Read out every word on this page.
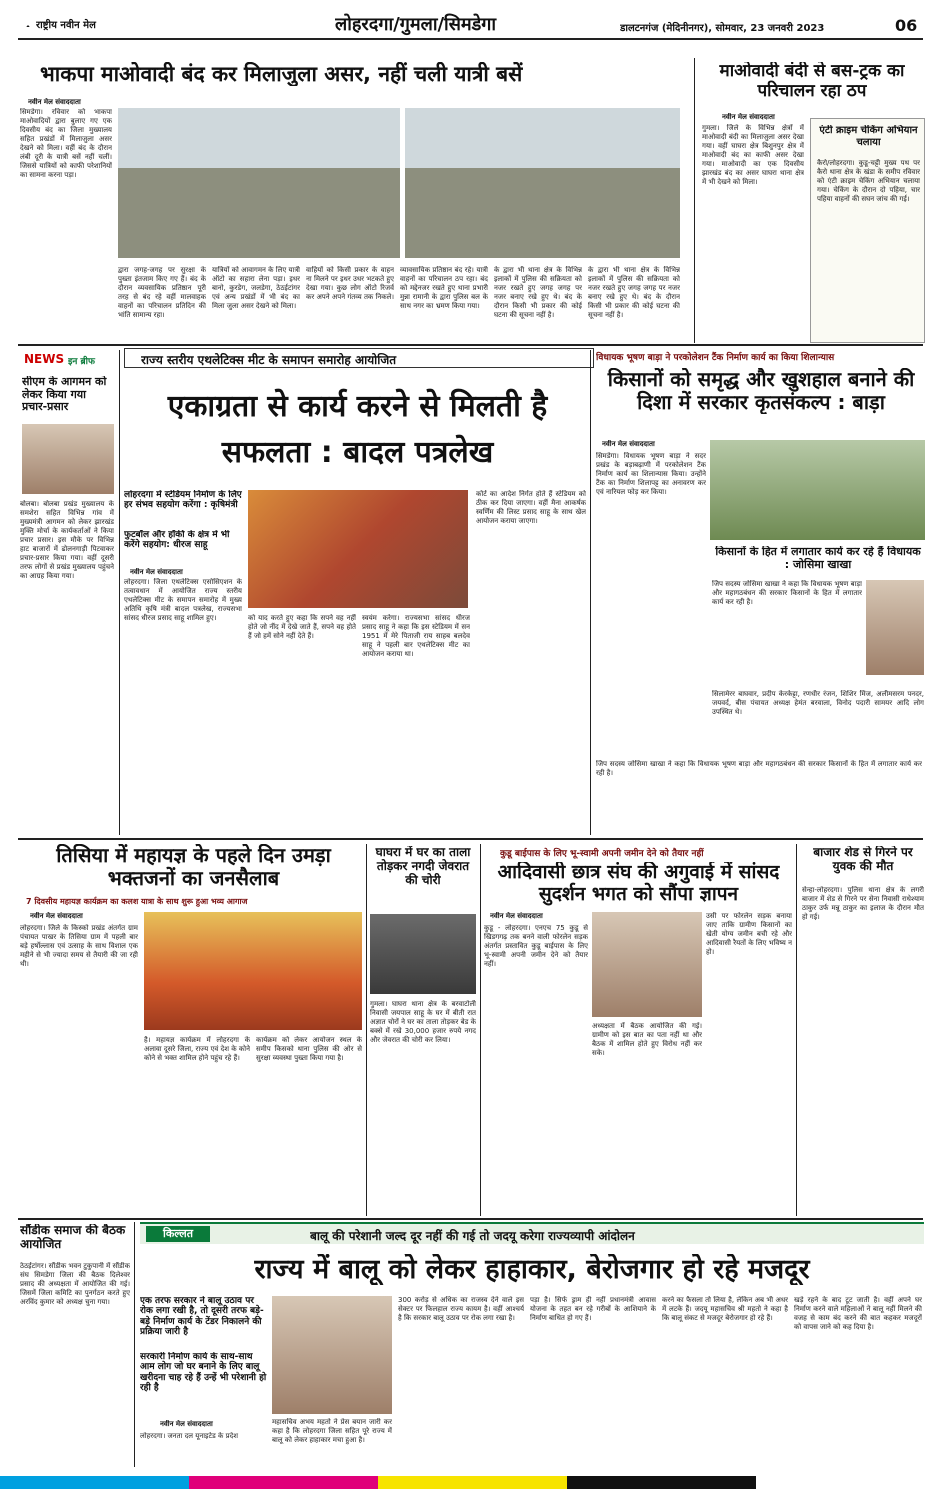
राष्ट्रीय नवीन मेल	लोहरदगा/गुमला/सिमडेगा	डालटनगंज (मेदिनीनगर), सोमवार, 23 जनवरी 2023	06
भाकपा माओवादी बंद कर मिलाजुला असर, नहीं चली यात्री बसें
नवीन मेल संवाददाता
सिमडेगा। रविवार को भाकपा माओवादियों द्वारा बुलाए गए एक दिवसीय बंद का जिला मुख्यालय सहित प्रखंडों में मिलाजुला असर देखने को मिला। वहीं बंद के दौरान लंबी दूरी के यात्री बसें नहीं चलीं। जिससे यात्रियों को काफी परेशानियों का सामना करना पड़ा।
द्वारा जगह-जगह पर सुरक्षा के पुख्ता इंतजाम किए गए हैं। बंद के दौरान व्यवसायिक प्रतिष्ठान पूरी तरह से बंद रहे वहीं मालवाहक वाहनों का परिचालन प्रतिदिन की भांति सामान्य रहा।
यात्रियों को आवागमन के लिए यात्री ऑटो का सहारा लेना पड़ा। इधर बानो, कुरडेग, जलडेगा, ठेठईटांगर एवं अन्य प्रखंडों में भी बंद का मिला जुला असर देखने को मिला।
वाहियों को किसी प्रकार के वाहन ना मिलने पर इधर उधर भटकते हुए देखा गया। कुछ लोग ऑटो रिजर्व कर अपने अपने गंतव्य तक निकले।
व्यावसायिक प्रतिष्ठान बंद रहे। यात्री वाहनों का परिचालन ठप रहा। बंद को मद्देनजर रखते हुए थाना प्रभारी मुन्ना रामानी के द्वारा पुलिस बल के साथ नगर का भ्रमण किया गया।
के द्वारा भी थाना क्षेत्र के विभिन्न इलाकों में पुलिस की सक्रियता को नजर रखते हुए जगह जगह पर नजर बनाए रखे हुए थे। बंद के दौरान किसी भी प्रकार की कोई घटना की सूचना नहीं है।
के द्वारा भी थाना क्षेत्र के विभिन्न इलाकों में पुलिस की सक्रियता को नजर रखते हुए जगह जगह पर नजर बनाए रखे हुए थे। बंद के दौरान किसी भी प्रकार की कोई घटना की सूचना नहीं है।
माओवादी बंदी से बस-ट्रक का परिचालन रहा ठप
नवीन मेल संवाददाता
गुमला। जिले के विभिन्न क्षेत्रों में माओवादी बंदी का मिलाजुला असर देखा गया। वहीं घाघरा क्षेत्र बिशुनपुर क्षेत्र में माओवादी बंद का काफी असर देखा गया। माओवादी का एक दिवसीय झारखंड बंद का असर घाघरा थाना क्षेत्र में भी देखने को मिला।
एंटी क्राइम चेकिंग अभियान चलाया
कैरो/लोहरदगा। कुडू-चट्टी मुख्य पथ पर कैरो थाना क्षेत्र के खंडा के समीप रविवार को एंटी क्राइम चेकिंग अभियान चलाया गया। चेकिंग के दौरान दो पहिया, चार पहिया वाहनों की सघन जांच की गई।
NEWS इन ब्रीफ
सीएम के आगमन को लेकर किया गया प्रचार-प्रसार
बोलबा। बोलबा प्रखंड मुख्यालय के समशेरा सहित विभिन्न गांव में मुख्यमंत्री आगमन को लेकर झारखंड मुक्ति मोर्चा के कार्यकर्ताओं ने किया प्रचार प्रसार। इस मौके पर विभिन्न हाट बाजारों में ढोलनगाड़ी पिटवाकर प्रचार-प्रसार किया गया। वहीं दूसरी तरफ लोगों से प्रखंड मुख्यालय पहुंचने का आग्रह किया गया।
राज्य स्तरीय एथलेटिक्स मीट के समापन समारोह आयोजित
एकाग्रता से कार्य करने से मिलती है सफलता : बादल पत्रलेख
लोहरदगा में स्टेडियम निर्माण के लिए हर संभव सहयोग करेंगा : कृषिमंत्री
फुटबॉल और हॉकी के क्षेत्र में भी करेंगे सहयोग: धीरज साहू
नवीन मेल संवाददाता
लोहरदगा। जिला एथलेटिक्स एसोसिएशन के तत्वावधान में आयोजित राज्य स्तरीय एथलेटिक्स मीट के समापन समारोह में मुख्य अतिथि कृषि मंत्री बादल पत्रलेख, राज्यसभा सांसद धीरज प्रसाद साहू शामिल हुए।	को याद करते हुए कहा कि सपने वह नहीं होते जो नींद में देखे जाते हैं, सपने वह होते हैं जो हमें सोने नहीं देते हैं।
स्वयंम करेगा। राज्यसभा सांसद धीरज प्रसाद साहू ने कहा कि इस स्टेडियम में सन 1951 में मेरे पिताजी राय साहब बलदेव साहू ने पहली बार एथलेटिक्स मीट का आयोजन कराया था।
कोर्ट का आदेश निर्गत होते हैं स्टेडियम को ठीक कर दिया जाएगा। वहीं मैना आकर्षक स्वर्णिम की लिस्ट प्रसाद साहू के साथ खेल आयोजन कराया जाएगा।
विधायक भूषण बाड़ा ने परकोलेशन टैंक निर्माण कार्य का किया शिलान्यास
किसानों को समृद्ध और खुशहाल बनाने की दिशा में सरकार कृतसंकल्प : बाड़ा
नवीन मेल संवाददाता
सिमडेगा। विधायक भूषण बाड़ा ने सदर प्रखंड के बड़ाबढ़ाणी में परकोलेशन टैंक निर्माण कार्य का शिलान्यास किया। उन्होंने टैंक का निर्माण शिलापट्ट का अनावरण कर एवं नारियल फोड़ कर किया।
किसानों के हित में लगातार कार्य कर रहे हैं विधायक : जोसिमा खाखा
जिप सदस्य जोसिमा खाखा ने कहा कि विधायक भूषण बाड़ा और महागठबंधन की सरकार किसानों के हित में लगातार कार्य कर रही है।
सिलामेरर बाघवार, प्रदीप केरकेट्टा, रणधीर रंजन, शिशिर मिंज, अलीमसरम पनदर, जयवर्द, बीस पंचायत अध्यक्ष हेमंत बरवाला, विनोद पदारी सामयर आदि लोग उपस्थित थे।
जिप सदस्य जोसिमा खाखा ने कहा कि विधायक भूषण बाड़ा और महागठबंधन की सरकार किसानों के हित में लगातार कार्य कर रही है।
तिसिया में महायज्ञ के पहले दिन उमड़ा भक्तजनों का जनसैलाब
7 दिवसीय महायज्ञ कार्यक्रम का कलश यात्रा के साथ शुरू हुआ भव्य आगाज
नवीन मेल संवाददाता
लोहरदगा। जिले के किस्को प्रखंड अंतर्गत ग्राम पंचायत पाखर के तिसिया ग्राम में पहली बार बड़े हर्षोल्लास एवं उत्साह के साथ विशाल एक महीने से भी ज्यादा समय से तैयारी की जा रही थी।
है। महायज्ञ कार्यक्रम में लोहरदगा के अलावा दूसरे जिला, राज्य एवं देश के कोने कोने से भक्त शामिल होने पहुंच रहे हैं।
कार्यक्रम को लेकर आयोजन स्थल के समीप किसको थाना पुलिस की ओर से सुरक्षा व्यवस्था पुख्ता किया गया है।
घाघरा में घर का ताला तोड़कर नगदी जेवरात की चोरी
गुमला। घाघरा थाना क्षेत्र के बरवाटोली निवासी जयपाल साहू के घर में बीती रात अज्ञात चोरों ने घर का ताला तोड़कर बेड के बक्से में रखे 30,000 हजार रुपये नगद और जेवरात की चोरी कर लिया।
कुडू बाईपास के लिए भू-स्वामी अपनी जमीन देने को तैयार नहीं
आदिवासी छात्र संघ की अगुवाई में सांसद सुदर्शन भगत को सौंपा ज्ञापन
नवीन मेल संवाददाता
कुडू - लोहरदगा। एनएच 75 कुडू से खिडगगढ़ तक बनने वाली फोरलेन सड़क अंतर्गत प्रस्तावित कुडू बाईपास के लिए भू-स्वामी अपनी जमीन देने को तैयार नहीं।
अध्यक्षता में बैठक आयोजित की गई। ग्रामीण को इस बात का पता नहीं था और बैठक में शामिल होते हुए विरोध नहीं कर सके।
उसी पर फोरलेन सड़क बनाया जाए ताकि ग्रामीण किसानों का खेती योग्य जमीन बची रहे और आदिवासी रैयतों के लिए भविष्य न हो।
बाजार शेड से गिरने पर युवक की मौत
सेन्हा-लोहरदगा। पुलिस थाना क्षेत्र के लगरी बाजार में शेड से गिरने पर सेना निवासी राधेश्याम ठाकुर उर्फ मन्नू ठाकुर का इलाज के दौरान मौत हो गई।
सौंडीक समाज की बैठक आयोजित
ठेठईटांगर। सौंडीक भवन टुकुपानी में सौंडीक संघ सिमडेगा जिला की बैठक दिलेश्वर प्रसाद की अध्यक्षता में आयोजित की गई। जिसमें जिला कमिटि का पुनर्गठन करते हुए अरविंद कुमार को अध्यक्ष चुना गया।
किल्लत	बालू की परेशानी जल्द दूर नहीं की गई तो जदयू करेगा राज्यव्यापी आंदोलन
राज्य में बालू को लेकर हाहाकार, बेरोजगार हो रहे मजदूर
एक तरफ सरकार ने बालू उठाव पर रोक लगा रखी है, तो दूसरी तरफ बड़े-बड़े निर्माण कार्य के टेंडर निकालने की प्रक्रिया जारी है
सरकारी निर्माण कार्य के साथ-साथ आम लोग जो घर बनाने के लिए बालू खरीदना चाह रहे हैं उन्हें भी परेशानी हो रही है
नवीन मेल संवाददाता
लोहरदगा। जनता दल यूनाइटेड के प्रदेश
महासचिव अभय महतो ने प्रेस बयान जारी कर कहा है कि लोहरदगा जिला सहित पूरे राज्य में बालू को लेकर हाहाकार मचा हुआ है।
300 करोड़ से अधिक का राजस्व देने वाले इस सेक्टर पर फिलहाल राज्य कायम है। वहीं आश्चर्य है कि सरकार बालू उठाव पर रोक लगा रखा है।
पड़ा है। सिर्फ ड्राम ही नहीं प्रधानमंत्री आवास योजना के तहत बन रहे गरीबों के आशियाने के निर्माण बाधित हो गए हैं।
करने का फैसला तो लिया है, लेकिन अब भी अधर में लटके हैं। जदयू महासचिव श्री महतो ने कहा है कि बालू संकट से मजदूर बेरोजगार हो रहे हैं।
खड़े रहने के बाद टूट जाती है। वहीं अपने घर निर्माण करने वाले महिलाओं ने बालू नहीं मिलने की वजह से काम बंद करने की बात कहकर मजदूरों को वापस जाने को कह दिया है।
